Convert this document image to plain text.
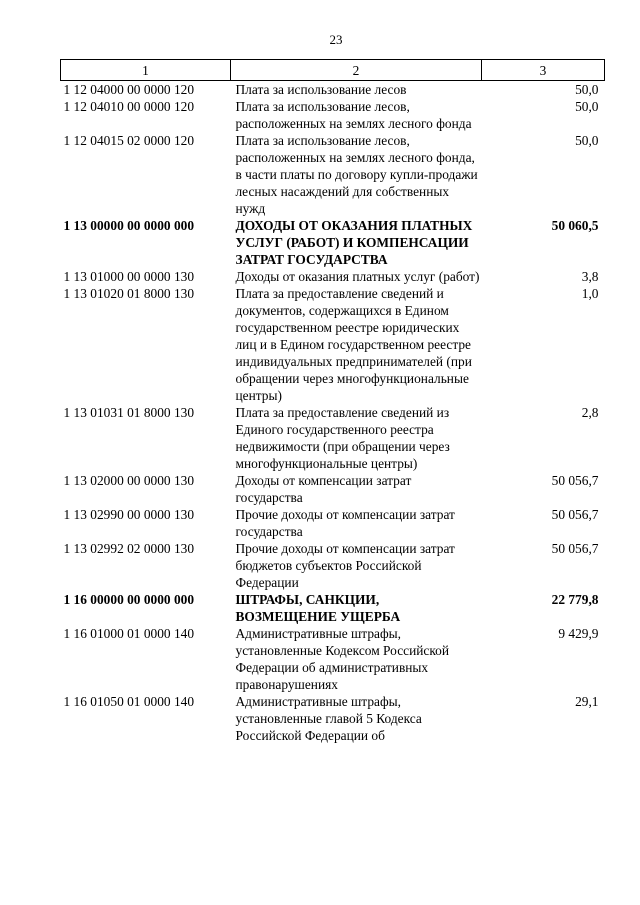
23
1	2	3
1 12 04000 00 0000 120	Плата за использование лесов	50,0
1 12 04010 00 0000 120	Плата за использование лесов, расположенных на землях лесного фонда	50,0
1 12 04015 02 0000 120	Плата за использование лесов, расположенных на землях лесного фонда, в части платы по договору купли-продажи лесных насаждений для собственных нужд	50,0
1 13 00000 00 0000 000	ДОХОДЫ ОТ ОКАЗАНИЯ ПЛАТНЫХ УСЛУГ (РАБОТ) И КОМПЕНСАЦИИ ЗАТРАТ ГОСУДАРСТВА	50 060,5
1 13 01000 00 0000 130	Доходы от оказания платных услуг (работ)	3,8
1 13 01020 01 8000 130	Плата за предоставление сведений и документов, содержащихся в Едином государственном реестре юридических лиц и в Едином государственном реестре индивидуальных предпринимателей (при обращении через многофункциональные центры)	1,0
1 13 01031 01 8000 130	Плата за предоставление сведений из Единого государственного реестра недвижимости (при обращении через многофункциональные центры)	2,8
1 13 02000 00 0000 130	Доходы от компенсации затрат государства	50 056,7
1 13 02990 00 0000 130	Прочие доходы от компенсации затрат государства	50 056,7
1 13 02992 02 0000 130	Прочие доходы от компенсации затрат бюджетов субъектов Российской Федерации	50 056,7
1 16 00000 00 0000 000	ШТРАФЫ, САНКЦИИ, ВОЗМЕЩЕНИЕ УЩЕРБА	22 779,8
1 16 01000 01 0000 140	Административные штрафы, установленные Кодексом Российской Федерации об административных правонарушениях	9 429,9
1 16 01050 01 0000 140	Административные штрафы, установленные главой 5 Кодекса Российской Федерации об	29,1
